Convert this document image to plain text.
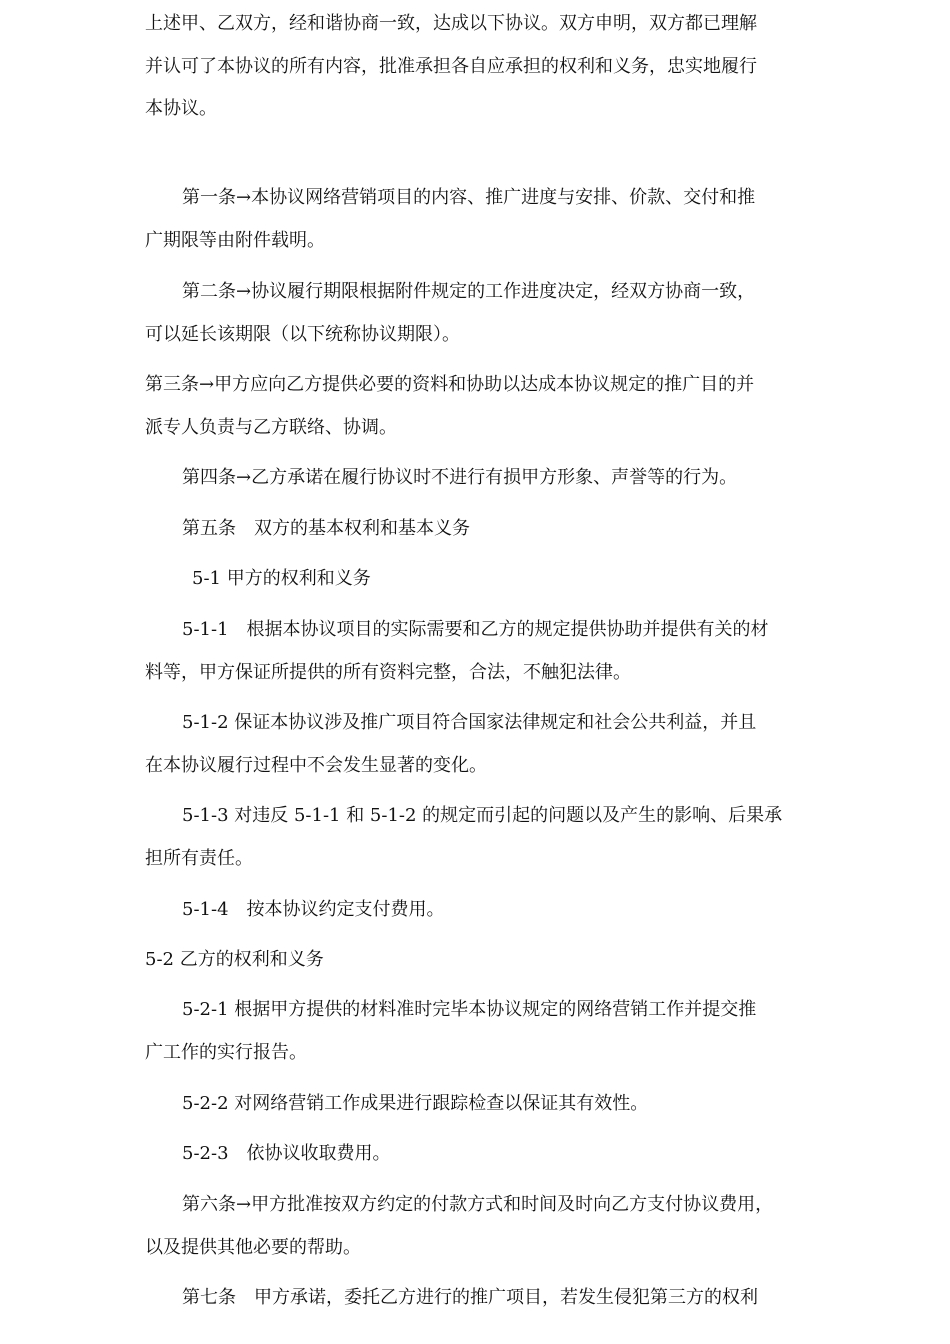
上述甲、乙双方，经和谐协商一致，达成以下协议。双方申明，双方都已理解
并认可了本协议的所有内容，批准承担各自应承担的权利和义务，忠实地履行
本协议。
第一条→本协议网络营销项目的内容、推广进度与安排、价款、交付和推
广期限等由附件载明。
第二条→协议履行期限根据附件规定的工作进度决定，经双方协商一致，
可以延长该期限（以下统称协议期限）。
第三条→甲方应向乙方提供必要的资料和协助以达成本协议规定的推广目的并
派专人负责与乙方联络、协调。
第四条→乙方承诺在履行协议时不进行有损甲方形象、声誉等的行为。
第五条　双方的基本权利和基本义务
5-1 甲方的权利和义务
5-1-1　根据本协议项目的实际需要和乙方的规定提供协助并提供有关的材
料等，甲方保证所提供的所有资料完整，合法，不触犯法律。
5-1-2 保证本协议涉及推广项目符合国家法律规定和社会公共利益，并且
在本协议履行过程中不会发生显著的变化。
5-1-3 对违反 5-1-1 和 5-1-2 的规定而引起的问题以及产生的影响、后果承
担所有责任。
5-1-4　按本协议约定支付费用。
5-2 乙方的权利和义务
5-2-1 根据甲方提供的材料准时完毕本协议规定的网络营销工作并提交推
广工作的实行报告。
5-2-2 对网络营销工作成果进行跟踪检查以保证其有效性。
5-2-3　依协议收取费用。
第六条→甲方批准按双方约定的付款方式和时间及时向乙方支付协议费用，
以及提供其他必要的帮助。
第七条　甲方承诺，委托乙方进行的推广项目，若发生侵犯第三方的权利
